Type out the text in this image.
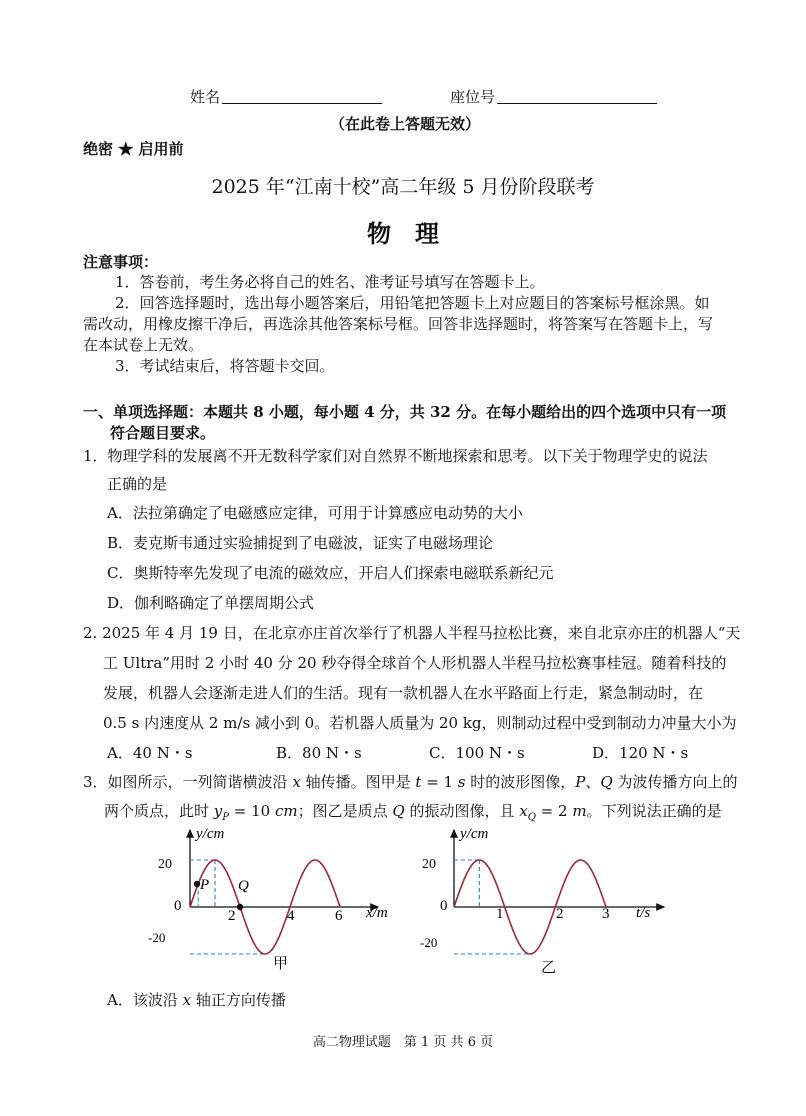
姓名	座位号
（在此卷上答题无效）
绝密 ★ 启用前
2025 年“江南十校”高二年级 5 月份阶段联考
物　理
注意事项：
1．答卷前，考生务必将自己的姓名、准考证号填写在答题卡上。
2．回答选择题时，选出每小题答案后，用铅笔把答题卡上对应题目的答案标号框涂黑。如
需改动，用橡皮擦干净后，再选涂其他答案标号框。回答非选择题时，将答案写在答题卡上，写
在本试卷上无效。
3．考试结束后，将答题卡交回。
一、单项选择题：本题共 8 小题，每小题 4 分，共 32 分。在每小题给出的四个选项中只有一项
符合题目要求。
1．物理学科的发展离不开无数科学家们对自然界不断地探索和思考。以下关于物理学史的说法
正确的是
A．法拉第确定了电磁感应定律，可用于计算感应电动势的大小
B．麦克斯韦通过实验捕捉到了电磁波，证实了电磁场理论
C．奥斯特率先发现了电流的磁效应，开启人们探索电磁联系新纪元
D．伽利略确定了单摆周期公式
2. 2025 年 4 月 19 日，在北京亦庄首次举行了机器人半程马拉松比赛，来自北京亦庄的机器人“天
工 Ultra”用时 2 小时 40 分 20 秒夺得全球首个人形机器人半程马拉松赛事桂冠。随着科技的
发展，机器人会逐渐走进人们的生活。现有一款机器人在水平路面上行走，紧急制动时，在
0.5 s 内速度从 2 m/s 减小到 0。若机器人质量为 20 kg，则制动过程中受到制动力冲量大小为
A．40 N・s	B．80 N・s	C．100 N・s	D．120 N・s
3．如图所示，一列简谐横波沿 x 轴传播。图甲是 t = 1 s 时的波形图像，P、Q 为波传播方向上的
两个质点，此时 $y_P = 10$ cm；图乙是质点 Q 的振动图像，且 $x_Q = 2$ m。下列说法正确的是
y/cm
x/m
20
-20
0
2	4	6
P Q
甲
y/cm
t/s
20
-20
0	1	2	3
乙
A．该波沿 x 轴正方向传播
高二物理试题　第 1 页 共 6 页
